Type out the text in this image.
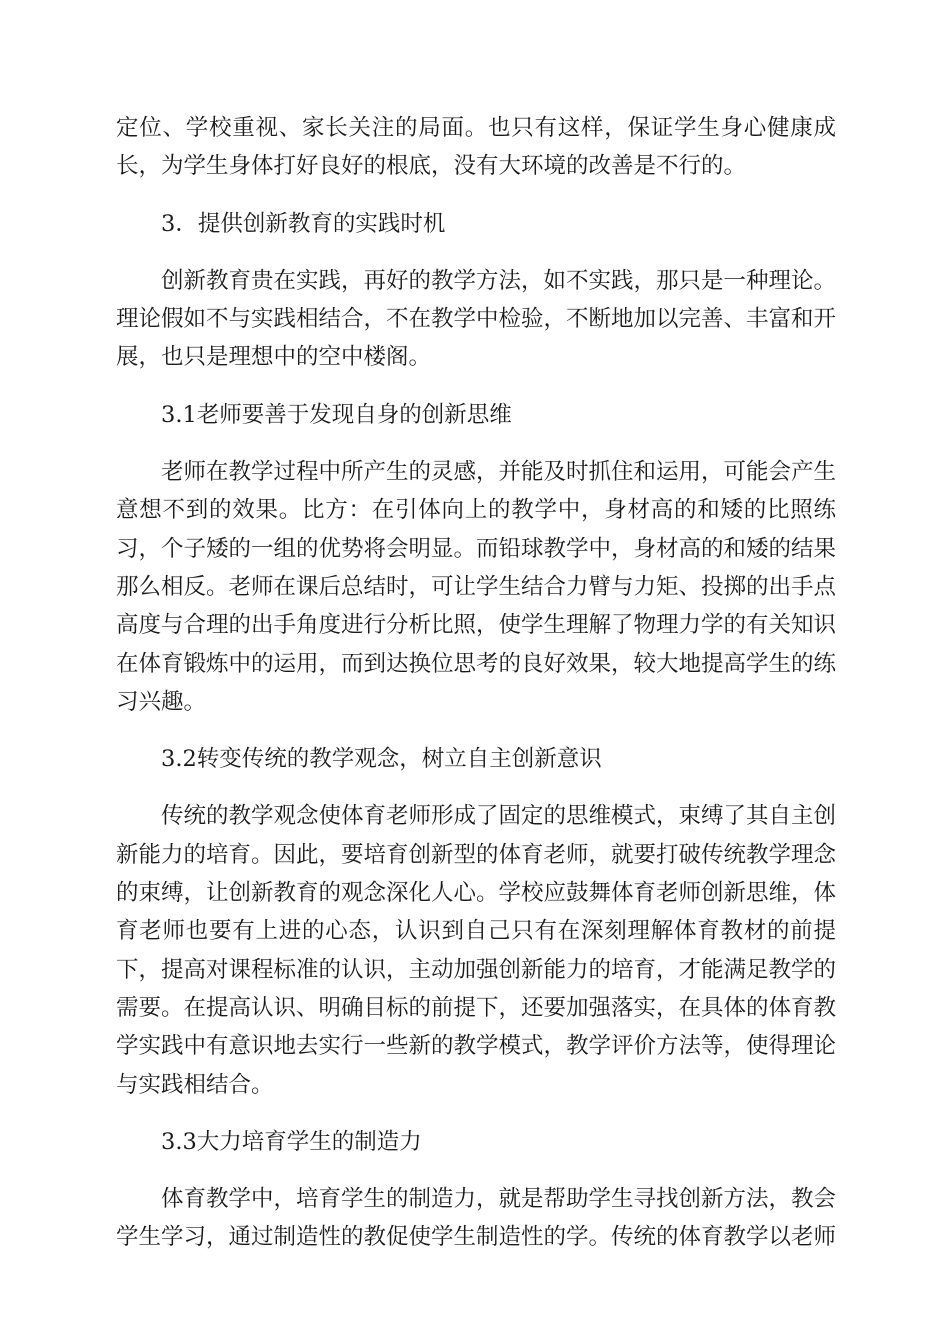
定位、学校重视、家长关注的局面。也只有这样，保证学生身心健康成长，为学生身体打好良好的根底，没有大环境的改善是不行的。

3．提供创新教育的实践时机

创新教育贵在实践，再好的教学方法，如不实践，那只是一种理论。理论假如不与实践相结合，不在教学中检验，不断地加以完善、丰富和开展，也只是理想中的空中楼阁。

3.1老师要善于发现自身的创新思维

老师在教学过程中所产生的灵感，并能及时抓住和运用，可能会产生意想不到的效果。比方：在引体向上的教学中，身材高的和矮的比照练习，个子矮的一组的优势将会明显。而铅球教学中，身材高的和矮的结果那么相反。老师在课后总结时，可让学生结合力臂与力矩、投掷的出手点高度与合理的出手角度进行分析比照，使学生理解了物理力学的有关知识在体育锻炼中的运用，而到达换位思考的良好效果，较大地提高学生的练习兴趣。

3.2转变传统的教学观念，树立自主创新意识

传统的教学观念使体育老师形成了固定的思维模式，束缚了其自主创新能力的培育。因此，要培育创新型的体育老师，就要打破传统教学理念的束缚，让创新教育的观念深化人心。学校应鼓舞体育老师创新思维，体育老师也要有上进的心态，认识到自己只有在深刻理解体育教材的前提下，提高对课程标准的认识，主动加强创新能力的培育，才能满足教学的需要。在提高认识、明确目标的前提下，还要加强落实，在具体的体育教学实践中有意识地去实行一些新的教学模式，教学评价方法等，使得理论与实践相结合。

3.3大力培育学生的制造力

体育教学中，培育学生的制造力，就是帮助学生寻找创新方法，教会学生学习，通过制造性的教促使学生制造性的学。传统的体育教学以老师
